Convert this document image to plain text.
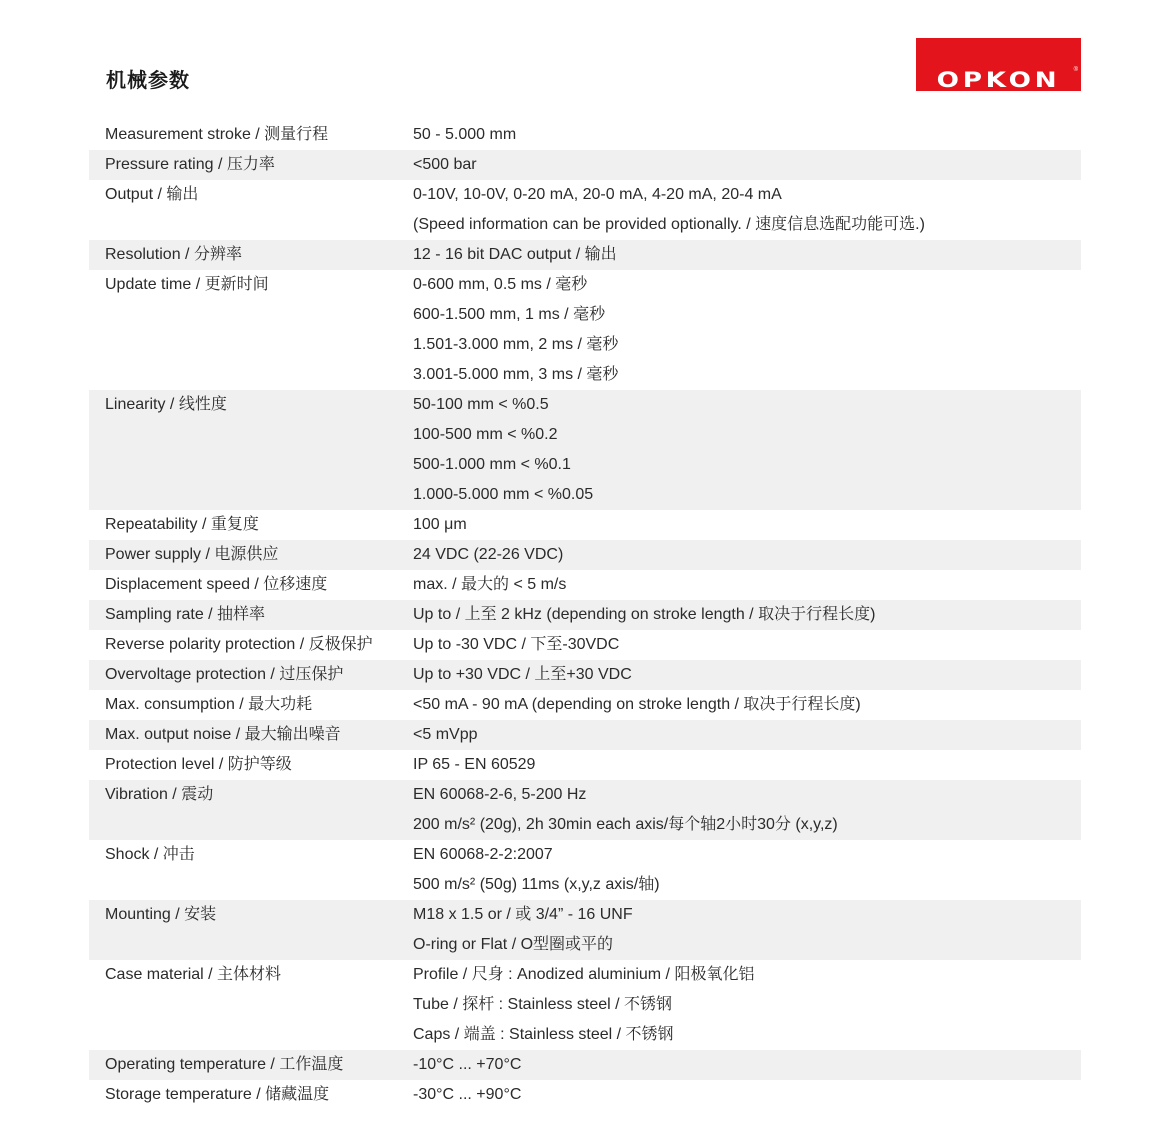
机械参数	OPKON	®
Measurement stroke / 测量行程	50 - 5.000 mm
Pressure rating / 压力率	<500 bar
Output / 输出	0-10V, 10-0V, 0-20 mA, 20-0 mA, 4-20 mA, 20-4 mA
(Speed information can be provided optionally. / 速度信息选配功能可选.)
Resolution / 分辨率	12 - 16 bit DAC output / 输出
Update time / 更新时间	0-600 mm, 0.5 ms / 毫秒
600-1.500 mm, 1 ms / 毫秒
1.501-3.000 mm, 2 ms / 毫秒
3.001-5.000 mm, 3 ms / 毫秒
Linearity / 线性度	50-100 mm < %0.5
100-500 mm < %0.2
500-1.000 mm < %0.1
1.000-5.000 mm < %0.05
Repeatability / 重复度	100 μm
Power supply / 电源供应	24 VDC (22-26 VDC)
Displacement speed / 位移速度	max. / 最大的 < 5 m/s
Sampling rate / 抽样率	Up to / 上至 2 kHz (depending on stroke length / 取决于行程长度)
Reverse polarity protection / 反极保护	Up to -30 VDC / 下至-30VDC
Overvoltage protection / 过压保护	Up to +30 VDC / 上至+30 VDC
Max. consumption / 最大功耗	<50 mA - 90 mA (depending on stroke length / 取决于行程长度)
Max. output noise / 最大输出噪音	<5 mVpp
Protection level / 防护等级	IP 65 - EN 60529
Vibration / 震动	EN 60068-2-6, 5-200 Hz
200 m/s² (20g), 2h 30min each axis/每个轴2小时30分 (x,y,z)
Shock / 冲击	EN 60068-2-2:2007
500 m/s² (50g) 11ms (x,y,z axis/轴)
Mounting / 安装	M18 x 1.5 or / 或 3/4” - 16 UNF
O-ring or Flat / O型圈或平的
Case material / 主体材料	Profile / 尺身 : Anodized aluminium / 阳极氧化铝
Tube / 探杆 : Stainless steel / 不锈钢
Caps / 端盖 : Stainless steel / 不锈钢
Operating temperature / 工作温度	-10°C ... +70°C
Storage temperature / 储藏温度	-30°C ... +90°C
